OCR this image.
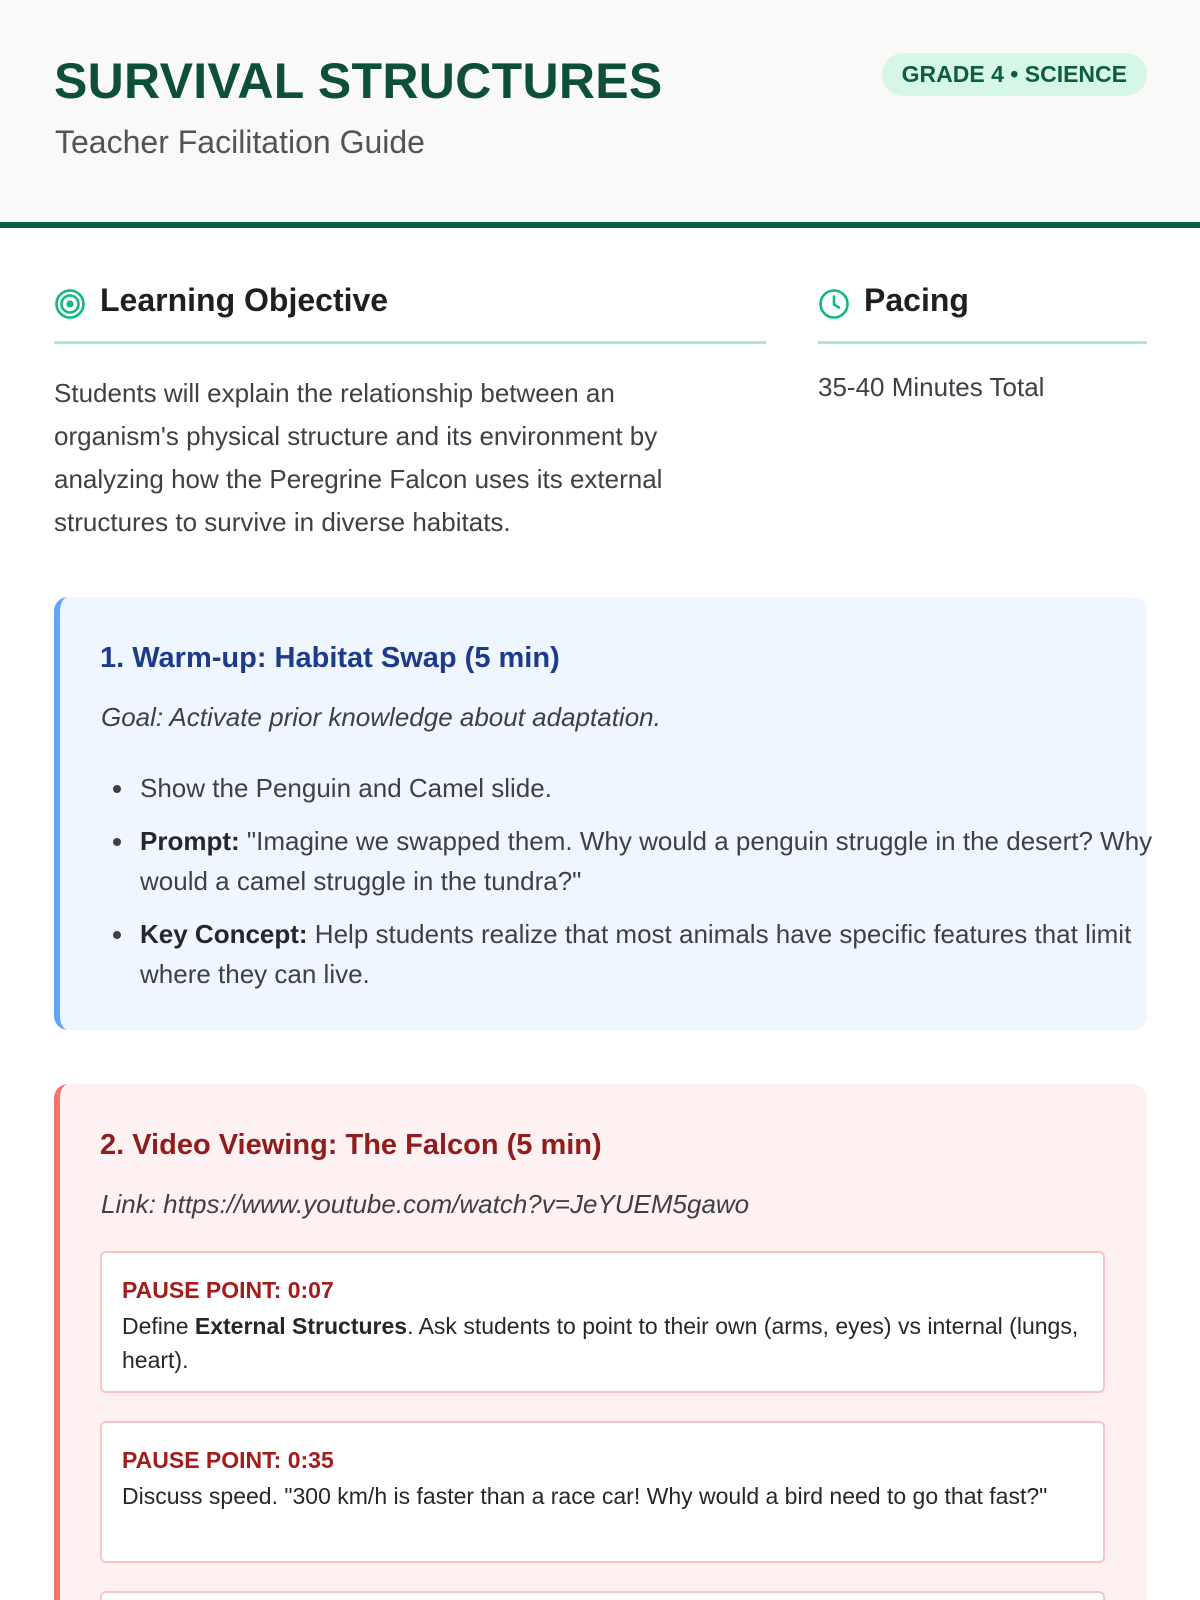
SURVIVAL STRUCTURES
Teacher Facilitation Guide
GRADE 4 • SCIENCE
Learning Objective
Students will explain the relationship between an organism's physical structure and its environment by analyzing how the Peregrine Falcon uses its external structures to survive in diverse habitats.
Pacing
35-40 Minutes Total
1. Warm-up: Habitat Swap (5 min)
Goal: Activate prior knowledge about adaptation.
Show the Penguin and Camel slide.
Prompt: "Imagine we swapped them. Why would a penguin struggle in the desert? Why would a camel struggle in the tundra?"
Key Concept: Help students realize that most animals have specific features that limit where they can live.
2. Video Viewing: The Falcon (5 min)
Link: https://www.youtube.com/watch?v=JeYUEM5gawo
PAUSE POINT: 0:07
Define External Structures. Ask students to point to their own (arms, eyes) vs internal (lungs, heart).
PAUSE POINT: 0:35
Discuss speed. "300 km/h is faster than a race car! Why would a bird need to go that fast?"
